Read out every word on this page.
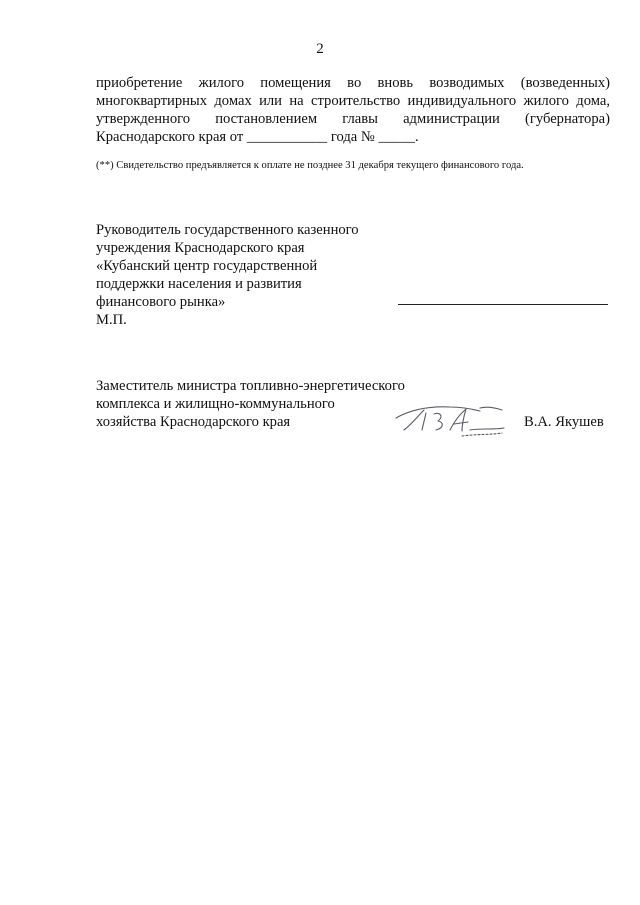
2
приобретение жилого помещения во вновь возводимых (возведенных)
многоквартирных домах или на строительство индивидуального жилого дома,
утвержденного постановлением главы администрации (губернатора)
Краснодарского края от ___________ года № _____.
(**) Свидетельство предъявляется к оплате не позднее 31 декабря текущего финансового года.
Руководитель государственного казенного
учреждения Краснодарского края
«Кубанский центр государственной
поддержки населения и развития
финансового рынка»
М.П.
Заместитель министра топливно-энергетического
комплекса и жилищно-коммунального
хозяйства Краснодарского края	В.А. Якушев
